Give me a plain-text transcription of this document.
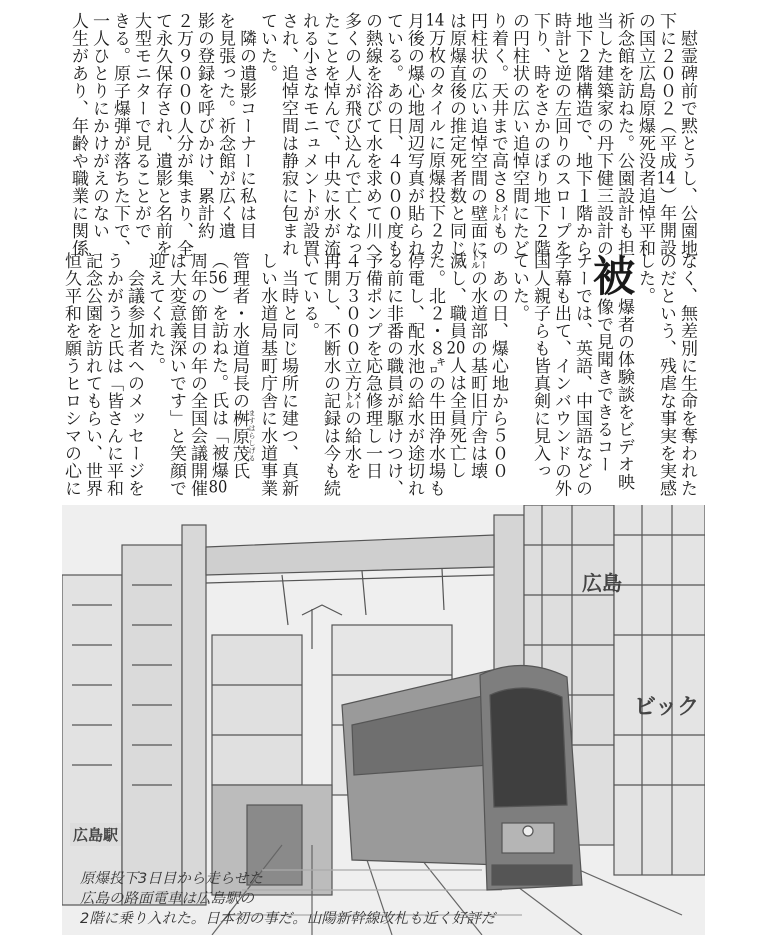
　慰霊碑前で黙とうし、公園地
下に２００２（平成14）年開設
の国立広島原爆死没者追悼平和
祈念館を訪ねた。公園設計も担
当した建築家の丹下健三設計の
地下２階構造で、地下１階から
時計と逆の左回りのスロープを
下り、時をさかのぼり地下２階
の円柱状の広い追悼空間にたど
り着く。天井まで高さ８㍍もの
円柱状の広い追悼空間の壁面に
は原爆直後の推定死者数と同じ
14万枚のタイルに原爆投下２カ
月後の爆心地周辺写真が貼られ
ている。あの日、４０００度も
の熱線を浴びて水を求めて川へ
多くの人が飛び込んで亡くなっ
たことを悼んで、中央に水が流
れる小さなモニュメントが設置
され、追悼空間は静寂に包まれ
ていた。
　隣の遺影コーナーに私は目
を見張った。祈念館が広く遺
影の登録を呼びかけ、累計約
２万９０００人分が集まり、全
て永久保存され、遺影と名前を
大型モニターで見ることがで
きる。原子爆弾が落ちた下で、
一人ひとりにかけがえのない
人生があり、年齢や職業に関係
なく、無差別に生命を奪われた
のだという、残虐な事実を実感
した。
爆者の体験談をビデオ映
像で見聞きできるコー
ナーでは、英語、中国語などの
字幕も出て、インバウンドの外
国人親子らも皆真剣に見入っ
ていた。
　あの日、爆心地から５００
㍍の水道部の基町旧庁舎は壊
滅し、職員20人は全員死亡し
た。北２・８㌔の牛田浄水場も
停電し、配水池の給水が途切れ
る前に非番の職員が駆けつけ、
予備ポンプを応急修理し一日
４万３０００立方㍍の給水を
再開し、不断水の記録は今も続
いている。
　当時と同じ場所に建つ、真新
しい水道局基町庁舎に水道事業
管理者・水道局長の桝原茂 ますはらしげる氏
（56）を訪ねた。氏は「被爆80
周年の節目の年の全国会議開催
は大変意義深いです」と笑顔で
迎えてくれた。
　会議参加者へのメッセージを
うかがうと氏は「皆さんに平和
記念公園を訪れてもらい、世界
恒久平和を願うヒロシマの心に	被
広島
ビック
広島駅
原爆投下3日目から走らせた
広島の路面電車は広島駅の
2階に乗り入れた。日本初の事だ。山陽新幹線改札も近く好評だ
